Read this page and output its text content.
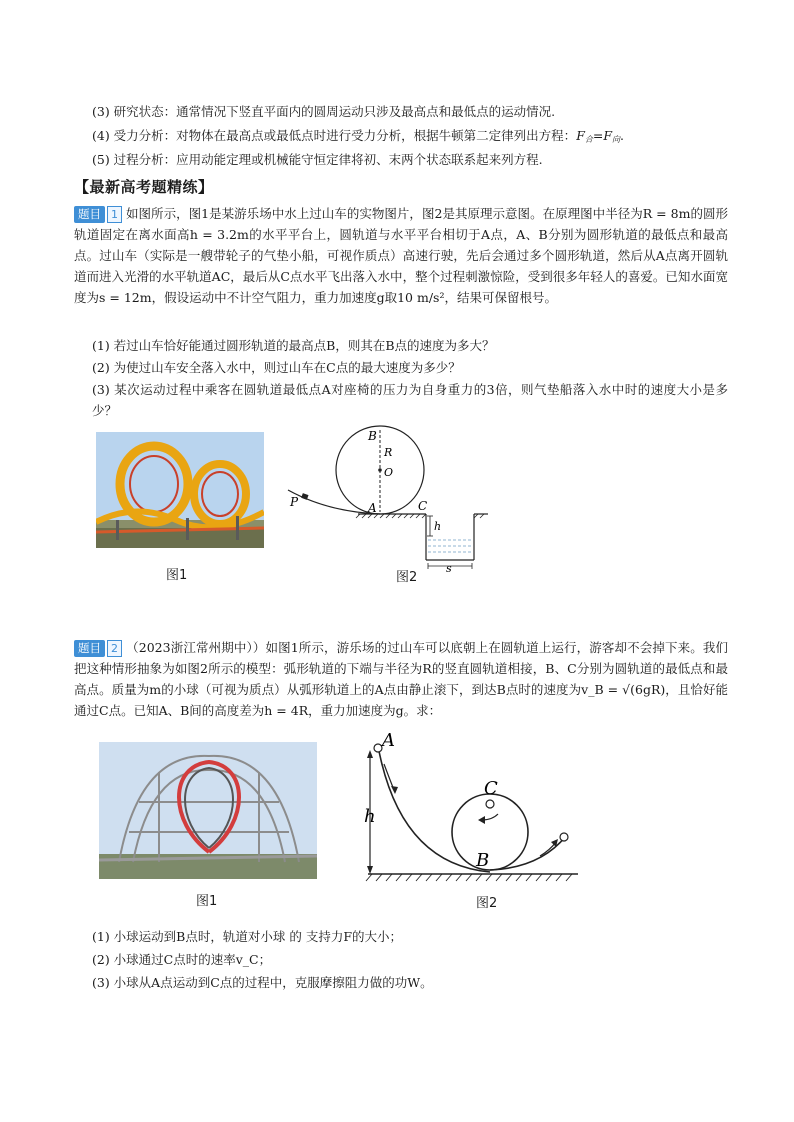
(3) 研究状态：通常情况下竖直平面内的圆周运动只涉及最高点和最低点的运动情况.
(4) 受力分析：对物体在最高点或最低点时进行受力分析，根据牛顿第二定律列出方程：$F_合=F_向$.
(5) 过程分析：应用动能定理或机械能守恒定律将初、末两个状态联系起来列方程.
【最新高考题精练】
题目 1 如图所示，图1是某游乐场中水上过山车的实物图片，图2是其原理示意图。在原理图中半径为R = 8m的圆形轨道固定在离水面高h = 3.2m的水平平台上，圆轨道与水平平台相切于A点，A、B分别为圆形轨道的最低点和最高点。过山车（实际是一艘带轮子的气垫小船，可视作质点）高速行驶，先后会通过多个圆形轨道，然后从A点离开圆轨道而进入光滑的水平轨道AC，最后从C点水平飞出落入水中，整个过程刺激惊险，受到很多年轻人的喜爱。已知水面宽度为s = 12m，假设运动中不计空气阻力，重力加速度g取10 m/s²，结果可保留根号。
(1) 若过山车恰好能通过圆形轨道的最高点B，则其在B点的速度为多大？
(2) 为使过山车安全落入水中，则过山车在C点的最大速度为多少？
(3) 某次运动过程中乘客在圆轨道最低点A对座椅的压力为自身重力的3倍，则气垫船落入水中时的速度大小是多少？
图1
B
R
O
P	A	C
h
s
图2
题目 2 （2023浙江常州期中））如图1所示，游乐场的过山车可以底朝上在圆轨道上运行，游客却不会掉下来。我们把这种情形抽象为如图2所示的模型：弧形轨道的下端与半径为R的竖直圆轨道相接，B、C分别为圆轨道的最低点和最高点。质量为m的小球（可视为质点）从弧形轨道上的A点由静止滚下，到达B点时的速度为v_B = √(6gR)，且恰好能通过C点。已知A、B间的高度差为h = 4R，重力加速度为g。求：
图1
A
C
h
B
图2
(1) 小球运动到B点时，轨道对小球 的 支持力F的大小；
(2) 小球通过C点时的速率v_C；
(3) 小球从A点运动到C点的过程中，克服摩擦阻力做的功W。
